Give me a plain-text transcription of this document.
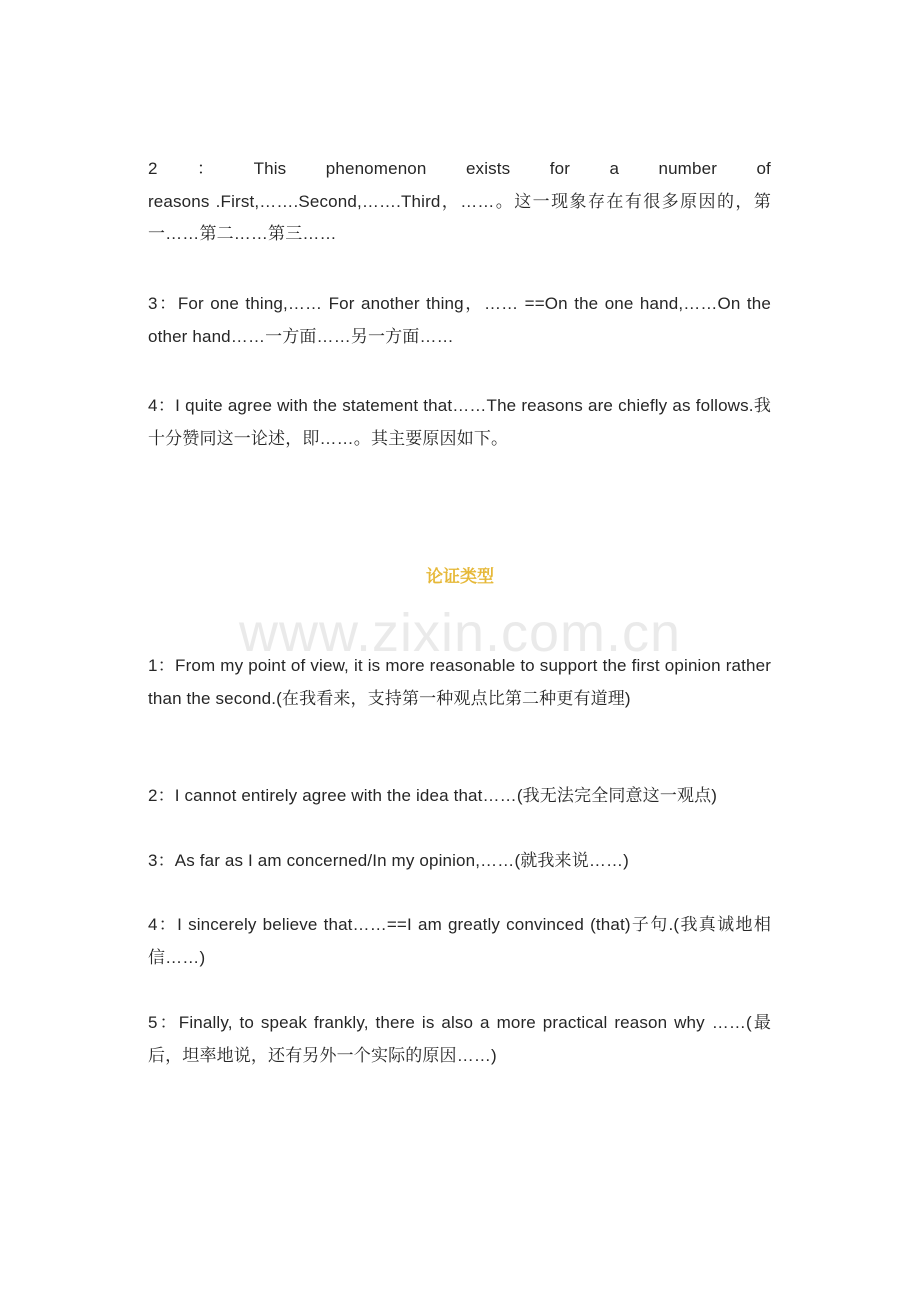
2 ： This phenomenon exists for a number of
reasons .First,…….Second,…….Third，……。这一现象存在有很多原因的，第一……第二……第三……

3：For one thing,…… For another thing，…… ==On the one hand,……On the other hand……一方面……另一方面……

4：I quite agree with the statement that……The reasons are chiefly as follows.我十分赞同这一论述，即……。其主要原因如下。

论证类型

www.zixin.com.cn

1：From my point of view, it is more reasonable to support the first opinion rather than the second.(在我看来，支持第一种观点比第二种更有道理)

2：I cannot entirely agree with the idea that……(我无法完全同意这一观点)

3：As far as I am concerned/In my opinion,……(就我来说……)

4：I sincerely believe that……==I am greatly convinced (that)子句.(我真诚地相信……)

5：Finally, to speak frankly, there is also a more practical reason why ……(最后，坦率地说，还有另外一个实际的原因……)
